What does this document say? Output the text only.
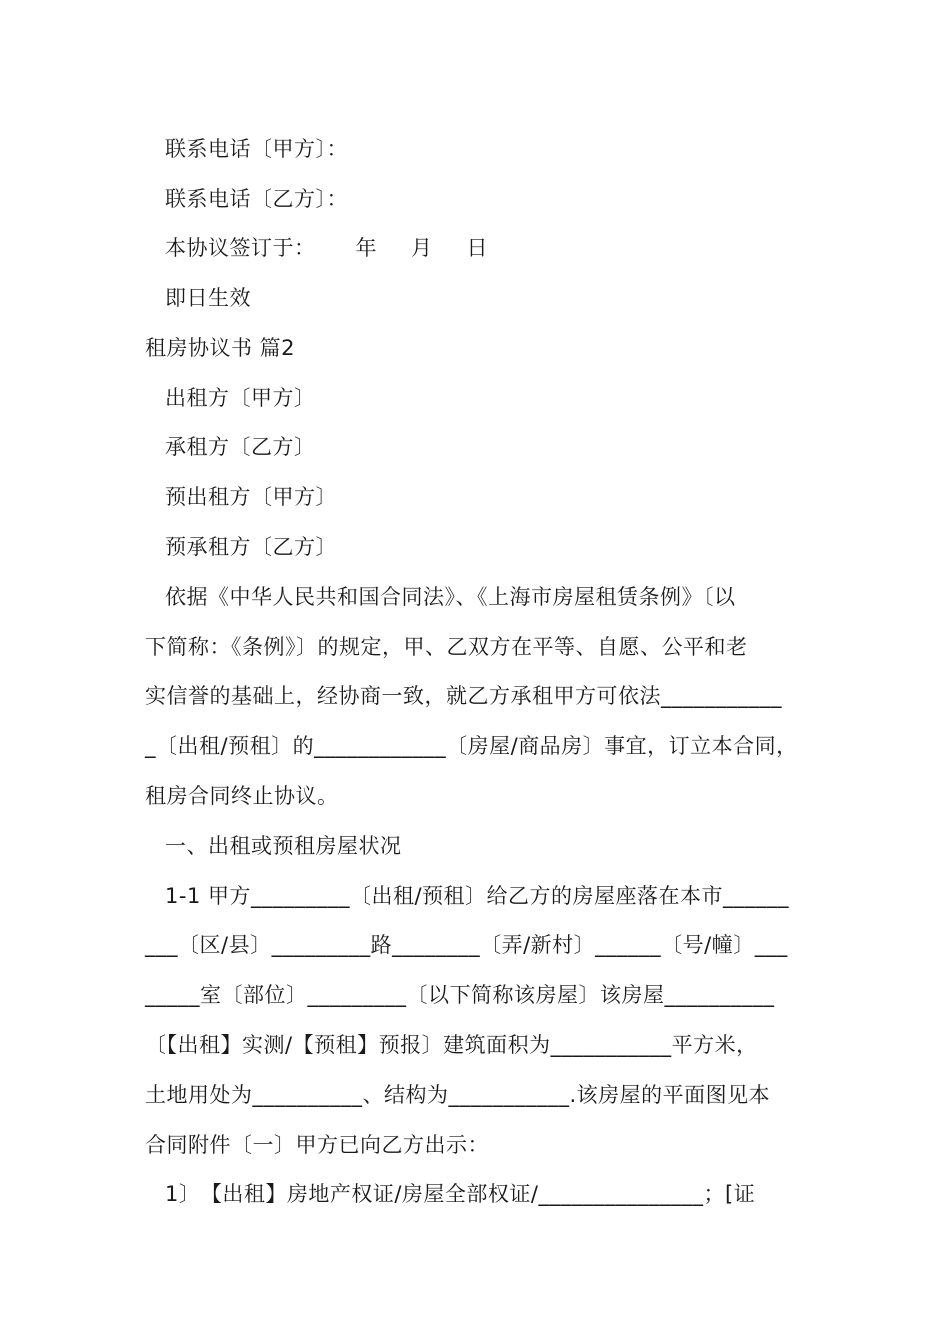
联系电话〔甲方〕：
联系电话〔乙方〕：
本协议签订于： 年 月 日
即日生效
租房协议书 篇2
出租方〔甲方〕
承租方〔乙方〕
预出租方〔甲方〕
预承租方〔乙方〕
依据《中华人民共和国合同法》、《上海市房屋租赁条例》〔以
下简称：《条例》〕的规定，甲、乙双方在平等、自愿、公平和老
实信誉的基础上，经协商一致，就乙方承租甲方可依法___________
_〔出租/预租〕的____________〔房屋/商品房〕事宜，订立本合同，
租房合同终止协议。
一、出租或预租房屋状况
1-1 甲方_________〔出租/预租〕给乙方的房屋座落在本市______
___〔区/县〕_________路________〔弄/新村〕______〔号/幢〕___
_____室〔部位〕_________〔以下简称该房屋〕该房屋__________
〔【出租】实测/【预租】预报〕建筑面积为___________平方米，
土地用处为__________、结构为___________.该房屋的平面图见本
合同附件〔一〕甲方已向乙方出示：
1〕　【出租】房地产权证/房屋全部权证/_______________；[证
